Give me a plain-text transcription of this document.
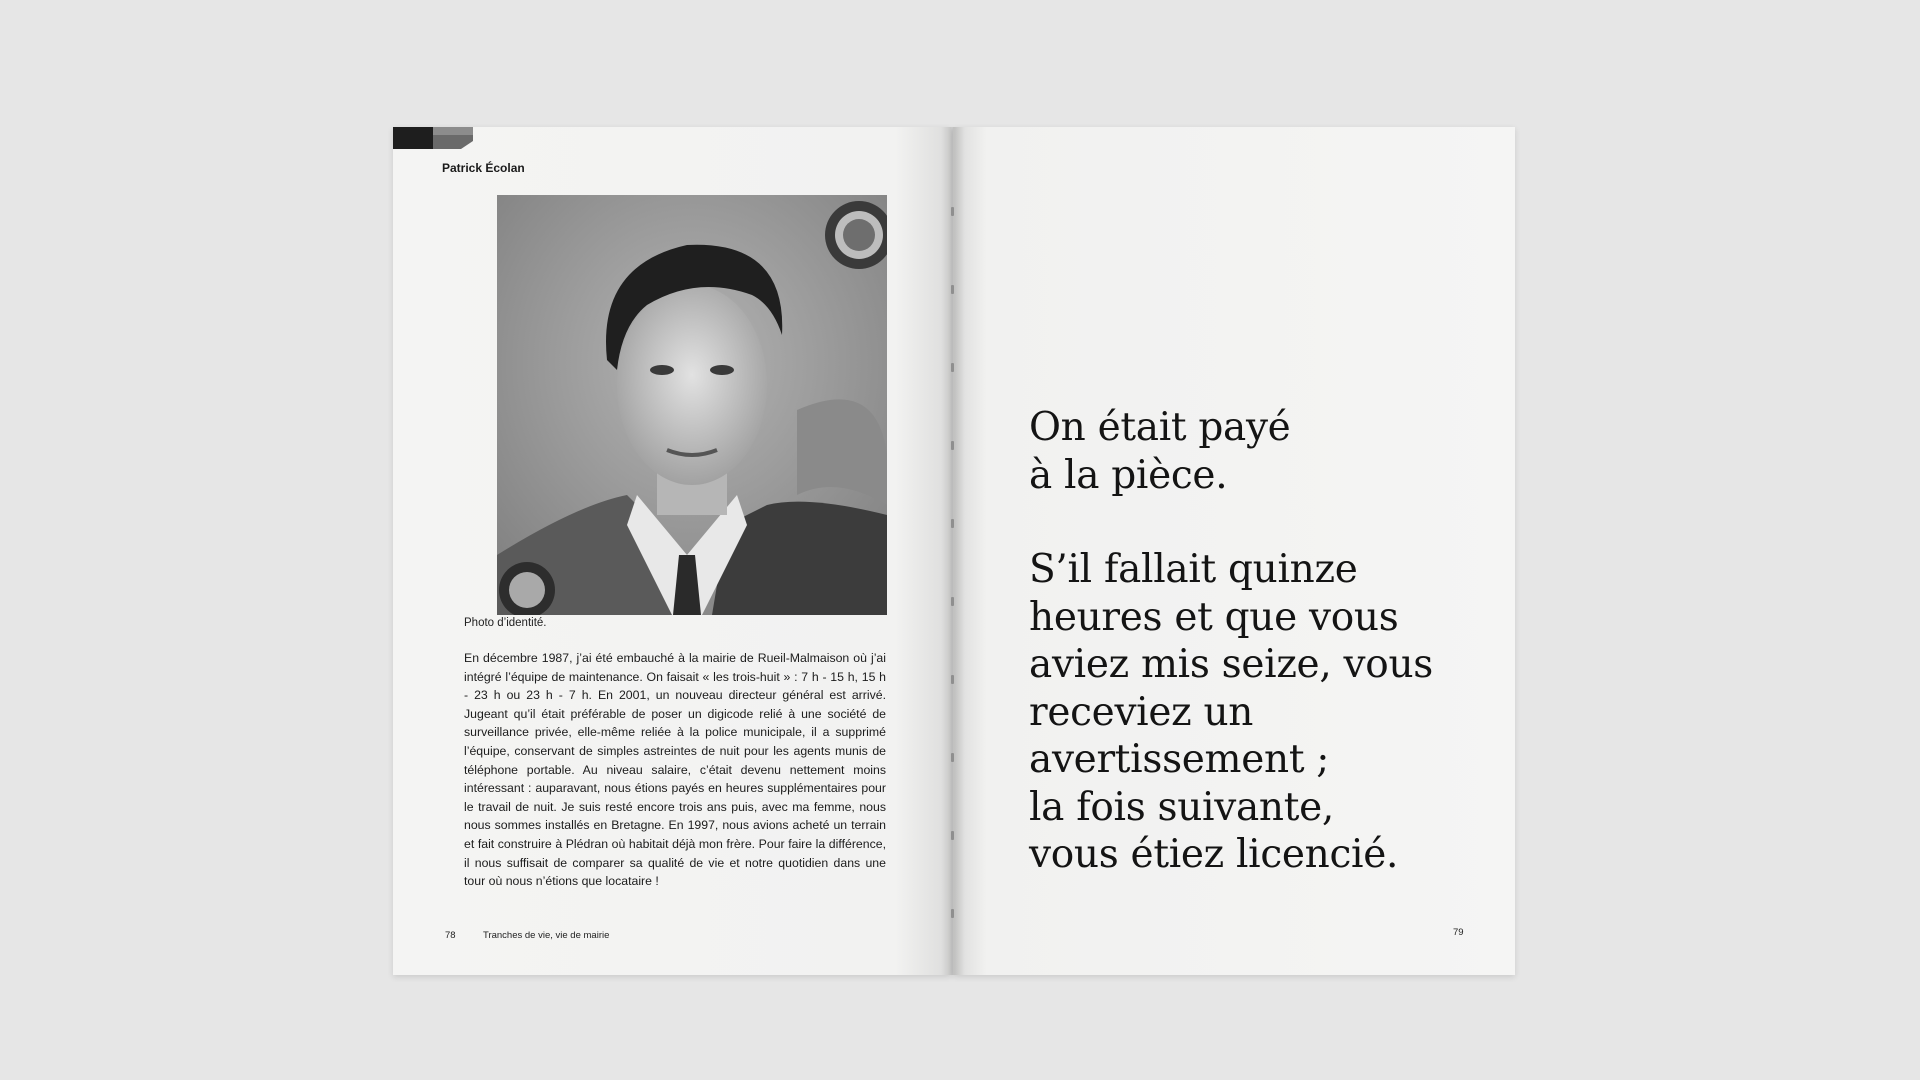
Patrick Écolan
Photo d’identité.

En décembre 1987, j’ai été embauché à la mairie de Rueil-Malmaison où j’ai intégré l’équipe de maintenance. On faisait « les trois-huit » : 7 h - 15 h, 15 h - 23 h ou 23 h - 7 h. En 2001, un nouveau directeur général est arrivé. Jugeant qu’il était préférable de poser un digicode relié à une société de surveillance privée, elle-même reliée à la police municipale, il a supprimé l’équipe, conservant de simples astreintes de nuit pour les agents munis de téléphone portable. Au niveau salaire, c’était devenu nettement moins intéressant : auparavant, nous étions payés en heures supplémentaires pour le travail de nuit. Je suis resté encore trois ans puis, avec ma femme, nous nous sommes installés en Bretagne. En 1997, nous avions acheté un terrain et fait construire à Plédran où habitait déjà mon frère. Pour faire la différence, il nous suffisait de comparer sa qualité de vie et notre quotidien dans une tour où nous n’étions que locataire !

78	Tranches de vie, vie de mairie

On était payé
à la pièce.

S’il fallait quinze
heures et que vous
aviez mis seize, vous
receviez un
avertissement ;
la fois suivante,
vous étiez licencié.

79
